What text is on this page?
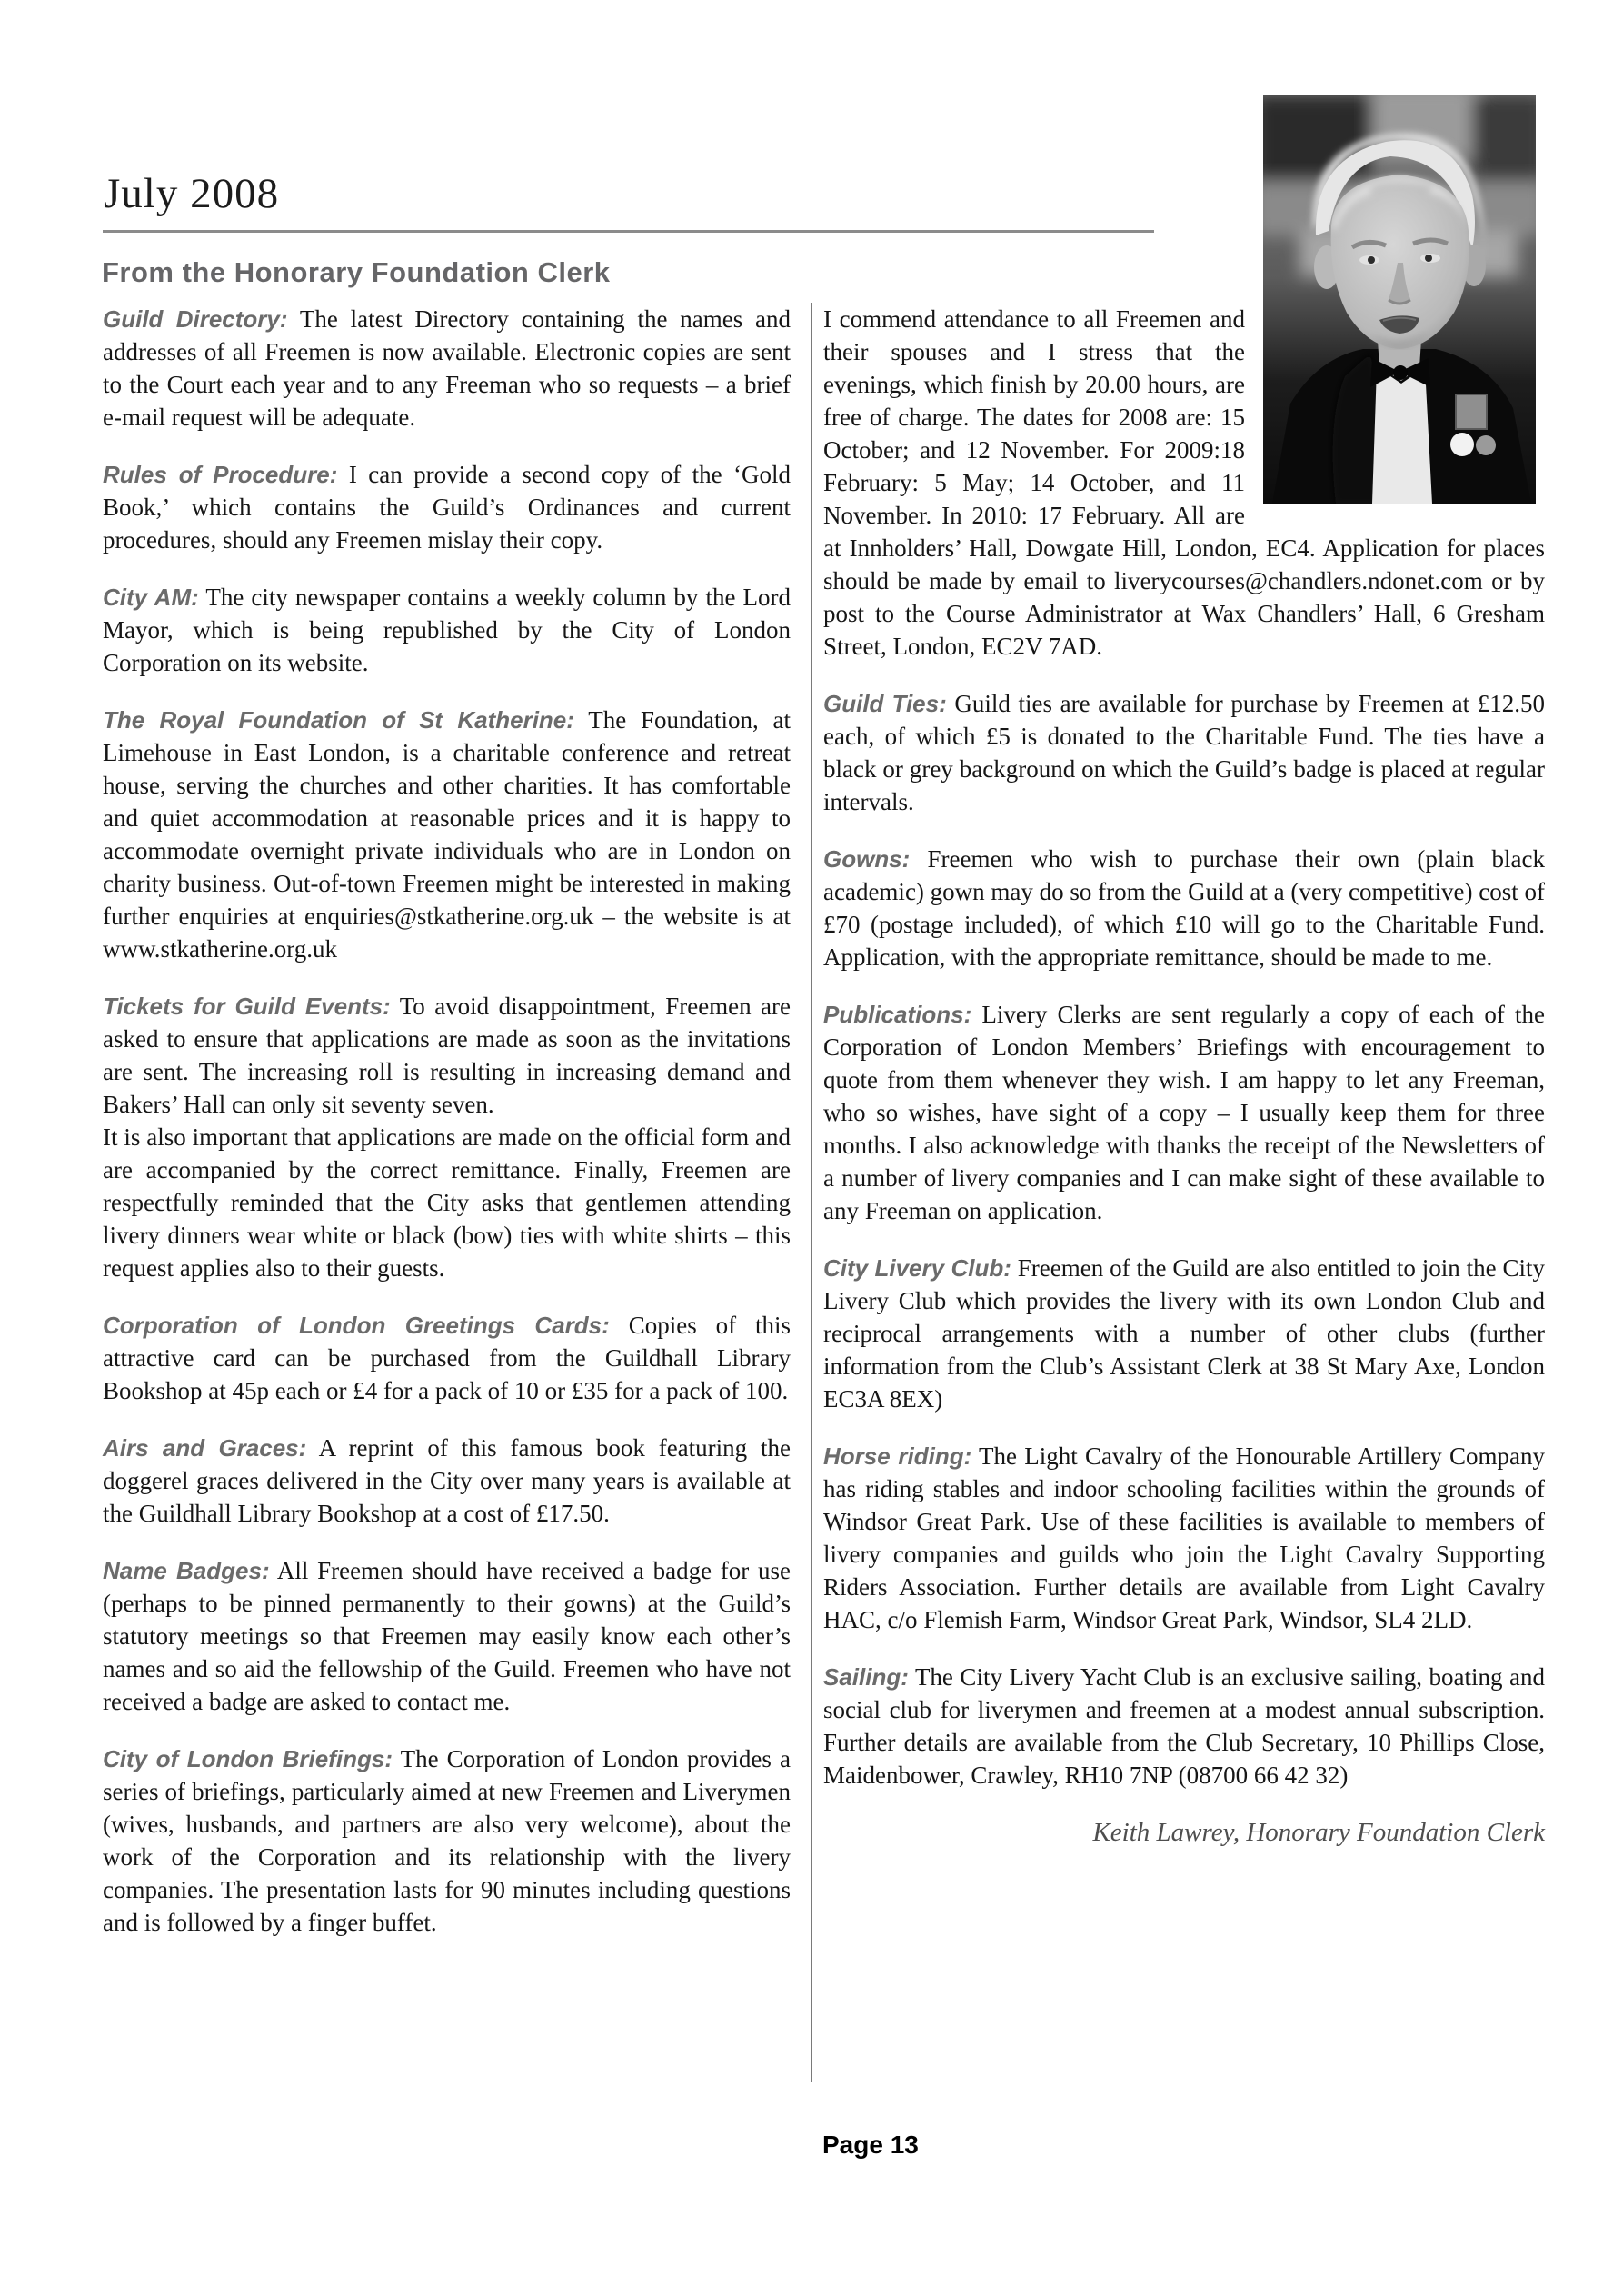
July 2008
From the Honorary Foundation Clerk

Guild Directory: The latest Directory containing the names and addresses of all Freemen is now available. Electronic copies are sent to the Court each year and to any Freeman who so requests – a brief e-mail request will be adequate.

Rules of Procedure: I can provide a second copy of the ‘Gold Book,’ which contains the Guild’s Ordinances and current procedures, should any Freemen mislay their copy.

City AM: The city newspaper contains a weekly column by the Lord Mayor, which is being republished by the City of London Corporation on its website.

The Royal Foundation of St Katherine: The Foundation, at Limehouse in East London, is a charitable conference and retreat house, serving the churches and other charities. It has comfortable and quiet accommodation at reasonable prices and it is happy to accommodate overnight private individuals who are in London on charity business. Out-of-town Freemen might be interested in making further enquiries at enquiries@stkatherine.org.uk – the website is at www.stkatherine.org.uk

Tickets for Guild Events: To avoid disappointment, Freemen are asked to ensure that applications are made as soon as the invitations are sent. The increasing roll is resulting in increasing demand and Bakers’ Hall can only sit seventy seven.

It is also important that applications are made on the official form and are accompanied by the correct remittance. Finally, Freemen are respectfully reminded that the City asks that gentlemen attending livery dinners wear white or black (bow) ties with white shirts – this request applies also to their guests.

Corporation of London Greetings Cards: Copies of this attractive card can be purchased from the Guildhall Library Bookshop at 45p each or £4 for a pack of 10 or £35 for a pack of 100.

Airs and Graces: A reprint of this famous book featuring the doggerel graces delivered in the City over many years is available at the Guildhall Library Bookshop at a cost of £17.50.

Name Badges: All Freemen should have received a badge for use (perhaps to be pinned permanently to their gowns) at the Guild’s statutory meetings so that Freemen may easily know each other’s names and so aid the fellowship of the Guild. Freemen who have not received a badge are asked to contact me.

City of London Briefings: The Corporation of London provides a series of briefings, particularly aimed at new Freemen and Liverymen (wives, husbands, and partners are also very welcome), about the work of the Corporation and its relationship with the livery companies. The presentation lasts for 90 minutes including questions and is followed by a finger buffet.

I commend attendance to all Freemen and their spouses and I stress that the evenings, which finish by 20.00 hours, are free of charge. The dates for 2008 are: 15 October; and 12 November. For 2009:18 February: 5 May; 14 October, and 11 November. In 2010: 17 February. All are at Innholders’ Hall, Dowgate Hill, London, EC4. Application for places should be made by email to liverycourses@chandlers.ndonet.com or by post to the Course Administrator at Wax Chandlers’ Hall, 6 Gresham Street, London, EC2V 7AD.

Guild Ties: Guild ties are available for purchase by Freemen at £12.50 each, of which £5 is donated to the Charitable Fund. The ties have a black or grey background on which the Guild’s badge is placed at regular intervals.

Gowns: Freemen who wish to purchase their own (plain black academic) gown may do so from the Guild at a (very competitive) cost of £70 (postage included), of which £10 will go to the Charitable Fund. Application, with the appropriate remittance, should be made to me.

Publications: Livery Clerks are sent regularly a copy of each of the Corporation of London Members’ Briefings with encouragement to quote from them whenever they wish. I am happy to let any Freeman, who so wishes, have sight of a copy – I usually keep them for three months. I also acknowledge with thanks the receipt of the Newsletters of a number of livery companies and I can make sight of these available to any Freeman on application.

City Livery Club: Freemen of the Guild are also entitled to join the City Livery Club which provides the livery with its own London Club and reciprocal arrangements with a number of other clubs (further information from the Club’s Assistant Clerk at 38 St Mary Axe, London EC3A 8EX)

Horse riding: The Light Cavalry of the Honourable Artillery Company has riding stables and indoor schooling facilities within the grounds of Windsor Great Park. Use of these facilities is available to members of livery companies and guilds who join the Light Cavalry Supporting Riders Association. Further details are available from Light Cavalry HAC, c/o Flemish Farm, Windsor Great Park, Windsor, SL4 2LD.

Sailing: The City Livery Yacht Club is an exclusive sailing, boating and social club for liverymen and freemen at a modest annual subscription. Further details are available from the Club Secretary, 10 Phillips Close, Maidenbower, Crawley, RH10 7NP (08700 66 42 32)

Keith Lawrey, Honorary Foundation Clerk

Page 13
